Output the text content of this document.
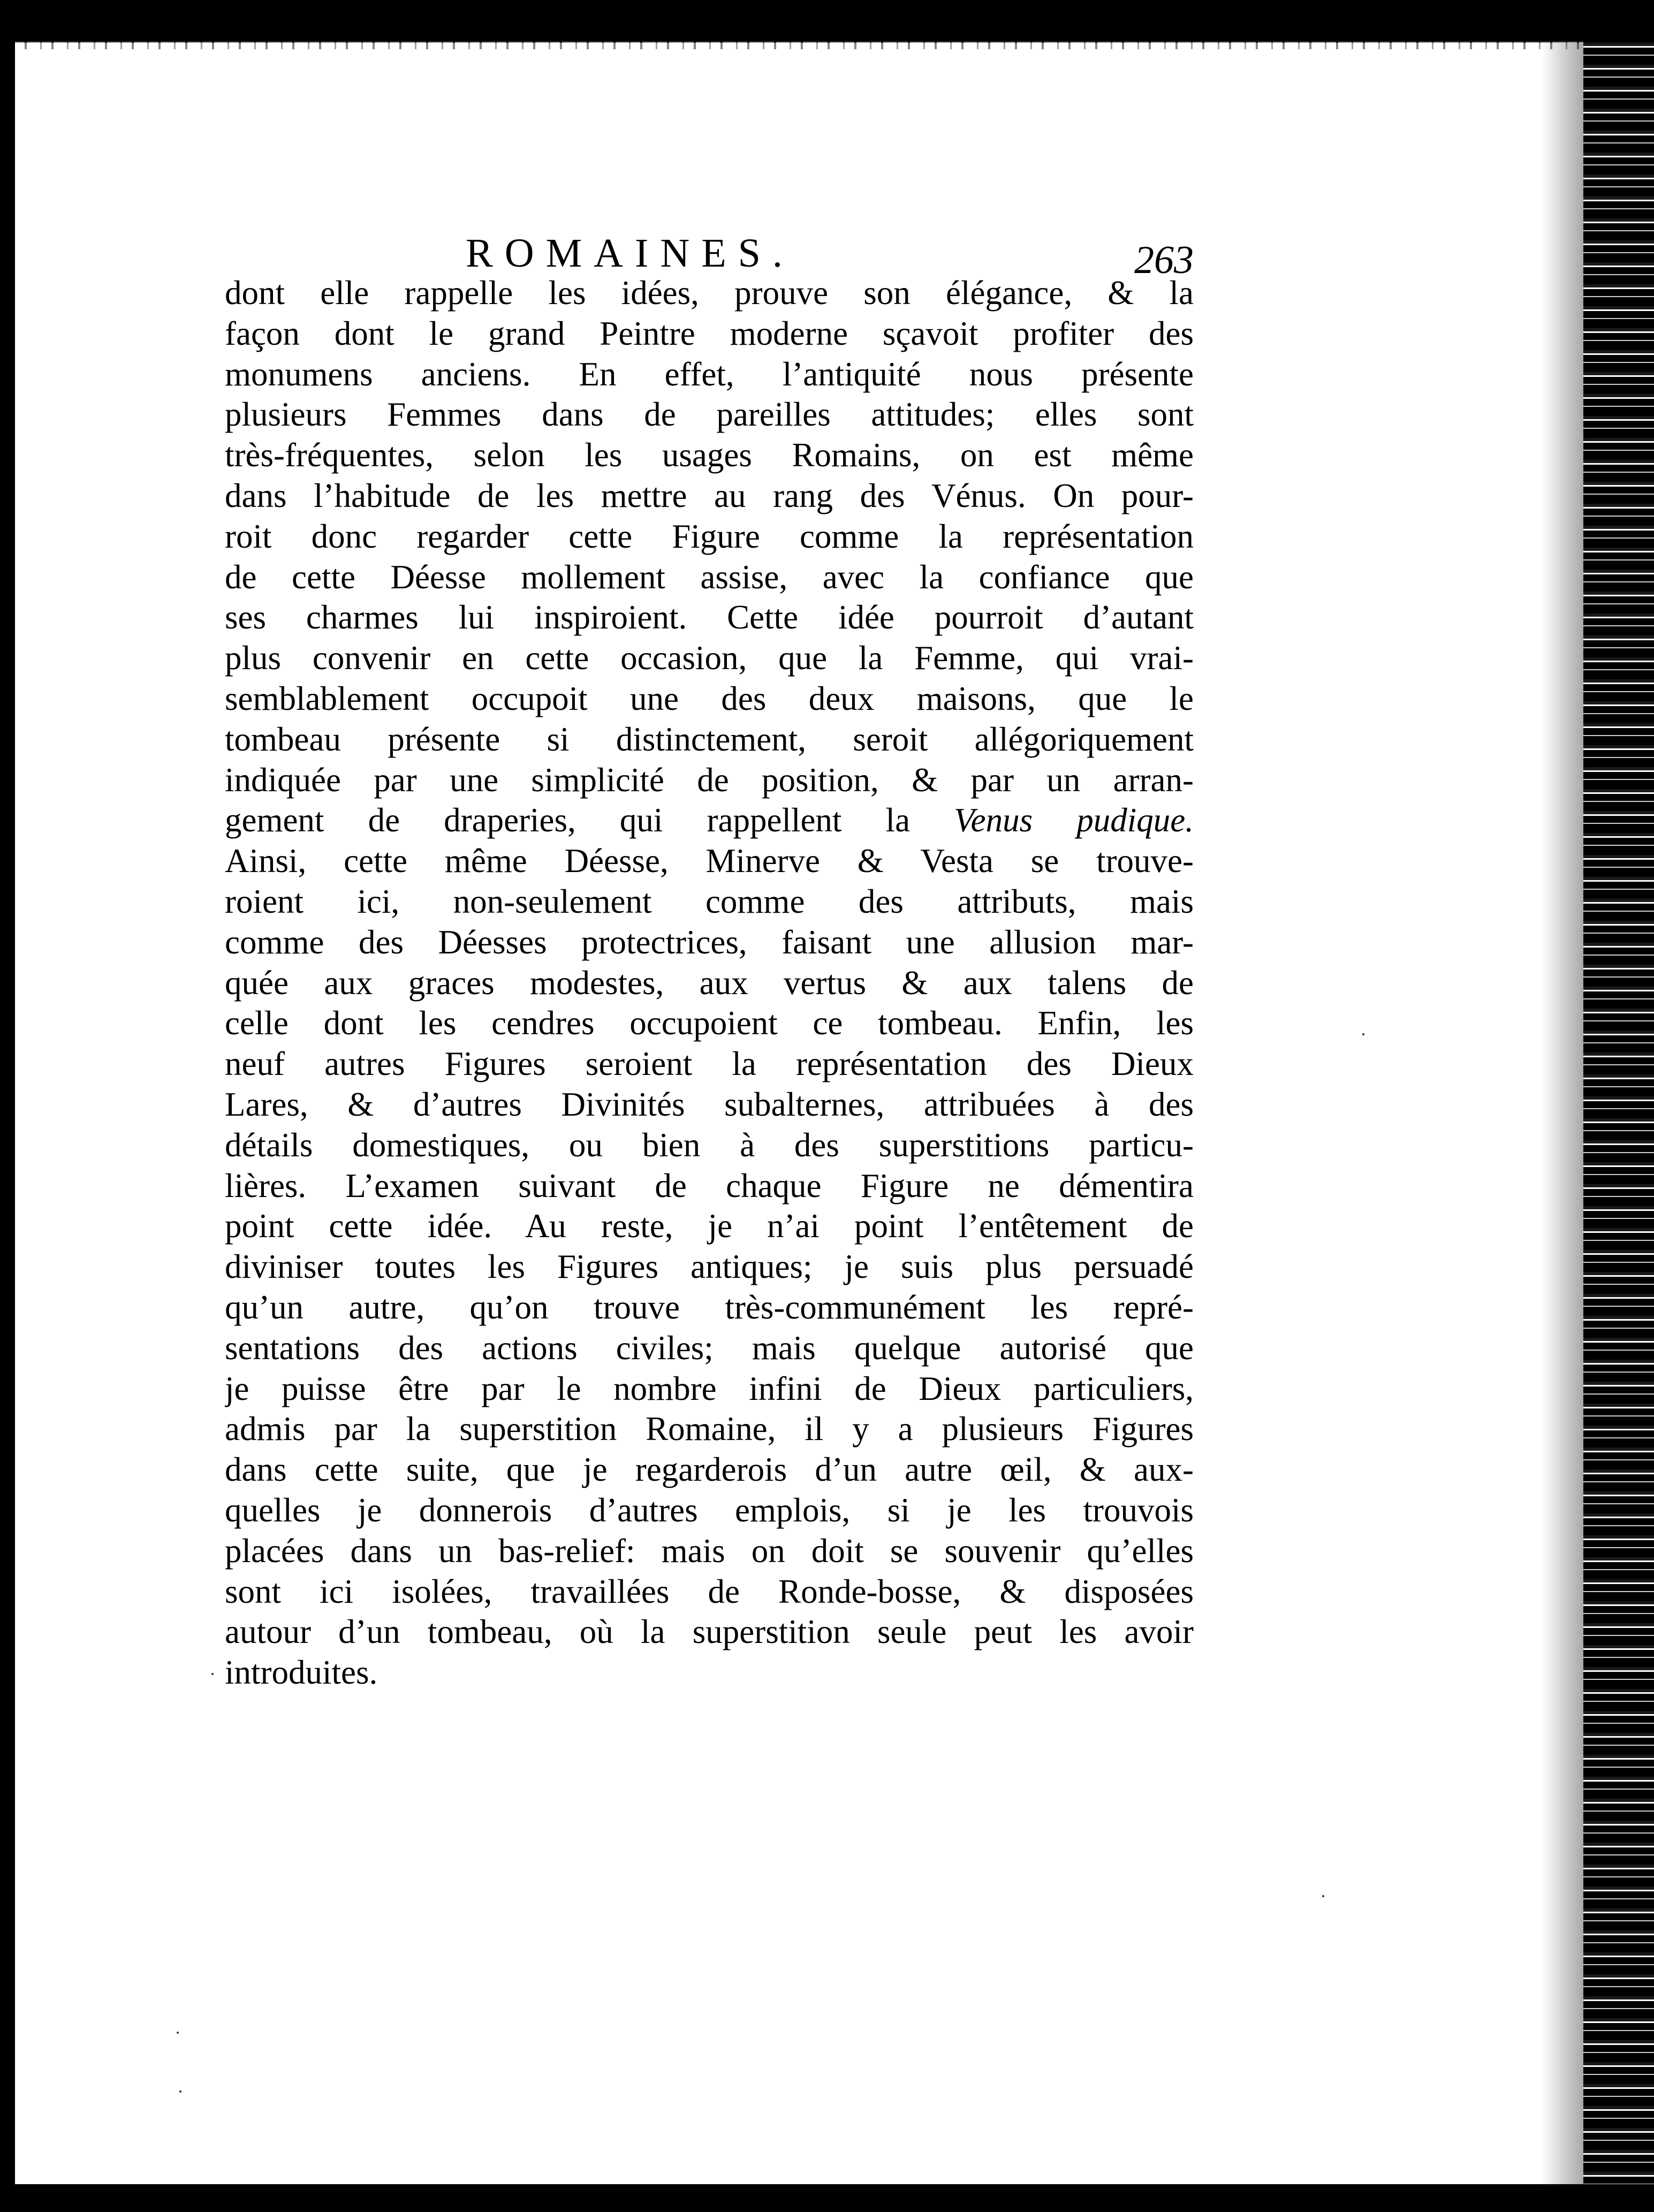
ROMAINES.	263
dont elle rappelle les idées, prouve son élégance, & la
façon dont le grand Peintre moderne sçavoit profiter des
monumens anciens. En effet, l’antiquité nous présente
plusieurs Femmes dans de pareilles attitudes; elles sont
très-fréquentes, selon les usages Romains, on est même
dans l’habitude de les mettre au rang des Vénus. On pour-
roit donc regarder cette Figure comme la représentation
de cette Déesse mollement assise, avec la confiance que
ses charmes lui inspiroient. Cette idée pourroit d’autant
plus convenir en cette occasion, que la Femme, qui vrai-
semblablement occupoit une des deux maisons, que le
tombeau présente si distinctement, seroit allégoriquement
indiquée par une simplicité de position, & par un arran-
gement de draperies, qui rappellent la Venus pudique.
Ainsi, cette même Déesse, Minerve & Vesta se trouve-
roient ici, non-seulement comme des attributs, mais
comme des Déesses protectrices, faisant une allusion mar-
quée aux graces modestes, aux vertus & aux talens de
celle dont les cendres occupoient ce tombeau. Enfin, les
neuf autres Figures seroient la représentation des Dieux
Lares, & d’autres Divinités subalternes, attribuées à des
détails domestiques, ou bien à des superstitions particu-
lières. L’examen suivant de chaque Figure ne démentira
point cette idée. Au reste, je n’ai point l’entêtement de
diviniser toutes les Figures antiques; je suis plus persuadé
qu’un autre, qu’on trouve très-communément les repré-
sentations des actions civiles; mais quelque autorisé que
je puisse être par le nombre infini de Dieux particuliers,
admis par la superstition Romaine, il y a plusieurs Figures
dans cette suite, que je regarderois d’un autre œil, & aux-
quelles je donnerois d’autres emplois, si je les trouvois
placées dans un bas-relief: mais on doit se souvenir qu’elles
sont ici isolées, travaillées de Ronde-bosse, & disposées
autour d’un tombeau, où la superstition seule peut les avoir
introduites.
